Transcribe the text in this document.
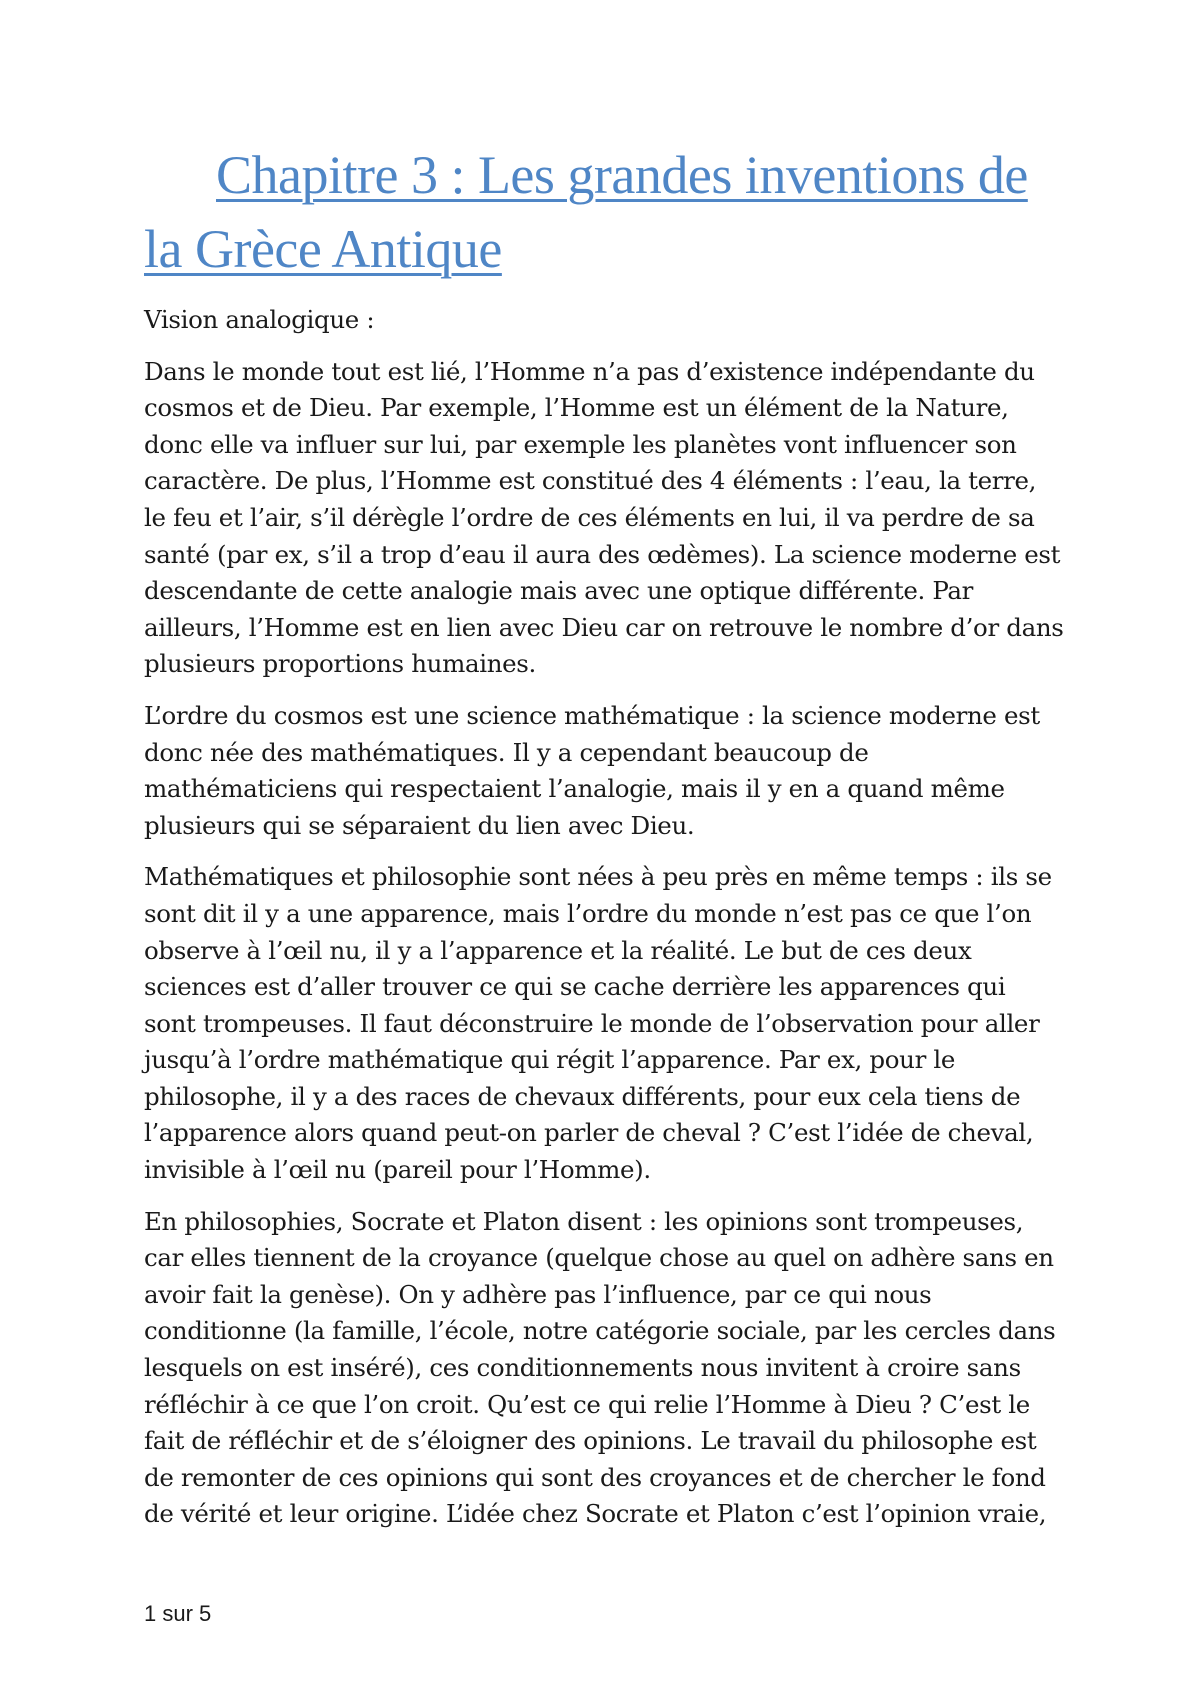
Chapitre 3 : Les grandes inventions de la Grèce Antique

Vision analogique :

Dans le monde tout est lié, l’Homme n’a pas d’existence indépendante du cosmos et de Dieu. Par exemple, l’Homme est un élément de la Nature, donc elle va influer sur lui, par exemple les planètes vont influencer son caractère. De plus, l’Homme est constitué des 4 éléments : l’eau, la terre, le feu et l’air, s’il dérègle l’ordre de ces éléments en lui, il va perdre de sa santé (par ex, s’il a trop d’eau il aura des œdèmes). La science moderne est descendante de cette analogie mais avec une optique différente. Par ailleurs, l’Homme est en lien avec Dieu car on retrouve le nombre d’or dans plusieurs proportions humaines.

L’ordre du cosmos est une science mathématique : la science moderne est donc née des mathématiques. Il y a cependant beaucoup de mathématiciens qui respectaient l’analogie, mais il y en a quand même plusieurs qui se séparaient du lien avec Dieu.

Mathématiques et philosophie sont nées à peu près en même temps : ils se sont dit il y a une apparence, mais l’ordre du monde n’est pas ce que l’on observe à l’œil nu, il y a l’apparence et la réalité. Le but de ces deux sciences est d’aller trouver ce qui se cache derrière les apparences qui sont trompeuses. Il faut déconstruire le monde de l’observation pour aller jusqu’à l’ordre mathématique qui régit l’apparence. Par ex, pour le philosophe, il y a des races de chevaux différents, pour eux cela tiens de l’apparence alors quand peut-on parler de cheval ? C’est l’idée de cheval, invisible à l’œil nu (pareil pour l’Homme).

En philosophies, Socrate et Platon disent : les opinions sont trompeuses, car elles tiennent de la croyance (quelque chose au quel on adhère sans en avoir fait la genèse). On y adhère pas l’influence, par ce qui nous conditionne (la famille, l’école, notre catégorie sociale, par les cercles dans lesquels on est inséré), ces conditionnements nous invitent à croire sans réfléchir à ce que l’on croit. Qu’est ce qui relie l’Homme à Dieu ? C’est le fait de réfléchir et de s’éloigner des opinions. Le travail du philosophe est de remonter de ces opinions qui sont des croyances et de chercher le fond de vérité et leur origine. L’idée chez Socrate et Platon c’est l’opinion vraie,

1 sur 5
